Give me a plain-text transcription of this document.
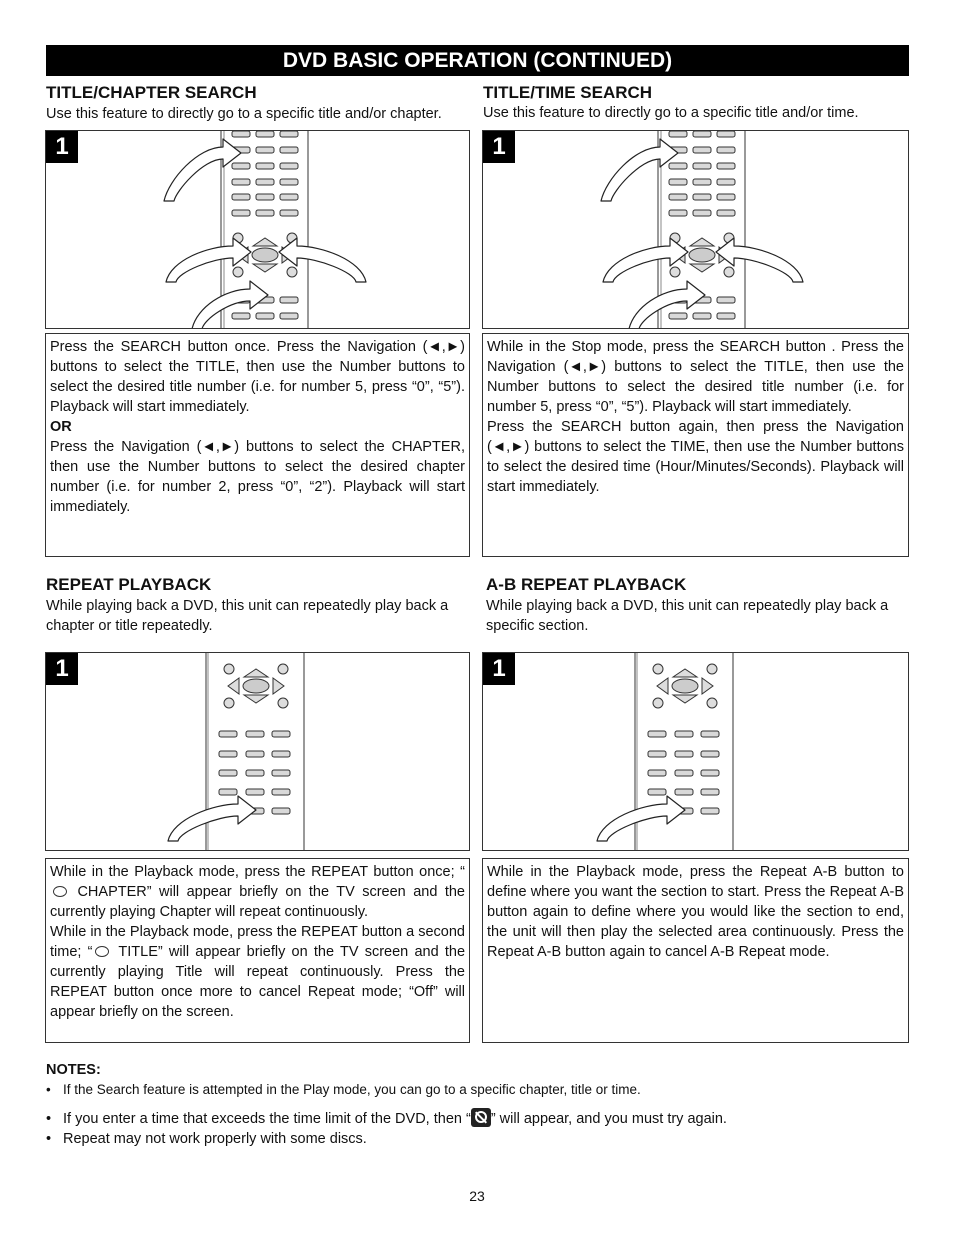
DVD BASIC OPERATION (CONTINUED)
TITLE/CHAPTER SEARCH
Use this feature to directly go to a specific title and/or chapter.
1

Press the SEARCH button once. Press the Navigation (◄,►) buttons to select the TITLE, then use the Number buttons to select the desired title number (i.e. for number 5, press “0”, “5”). Playback will start immediately.

OR

Press the Navigation (◄,►) buttons to select the CHAPTER, then use the Number buttons to select the desired chapter number (i.e. for number 2, press “0”, “2”). Playback will start immediately.

TITLE/TIME SEARCH
Use this feature to directly go to a specific title and/or time.
1

While in the Stop mode, press the SEARCH button . Press the Navigation (◄,►) buttons to select the TITLE, then use the Number buttons to select the desired title number (i.e. for number 5, press “0”, “5”). Playback will start immediately.

Press the SEARCH button again, then press the Navigation (◄,►) buttons to select the TIME, then use the Number buttons to select the desired time (Hour/Minutes/Seconds). Playback will start immediately.

REPEAT PLAYBACK
While playing back a DVD, this unit can repeatedly play back a chapter or title repeatedly.
1

While in the Playback mode, press the REPEAT button once; “ CHAPTER” will appear briefly on the TV screen and the currently playing Chapter will repeat continuously.

While in the Playback mode, press the REPEAT button a second time; “ TITLE” will appear briefly on the TV screen and the currently playing Title will repeat continuously. Press the REPEAT button once more to cancel Repeat mode; “Off” will appear briefly on the screen.

A-B REPEAT PLAYBACK
While playing back a DVD, this unit can repeatedly play back a specific section.
1

While in the Playback mode, press the Repeat A-B button to define where you want the section to start. Press the Repeat A-B button again to define where you would like the section to end, the unit will then play the selected area continuously. Press the Repeat A-B button again to cancel A-B Repeat mode.

NOTES:
• If the Search feature is attempted in the Play mode, you can go to a specific chapter, title or time.
• If you enter a time that exceeds the time limit of the DVD, then “ ” will appear, and you must try again.
• Repeat may not work properly with some discs.
23
